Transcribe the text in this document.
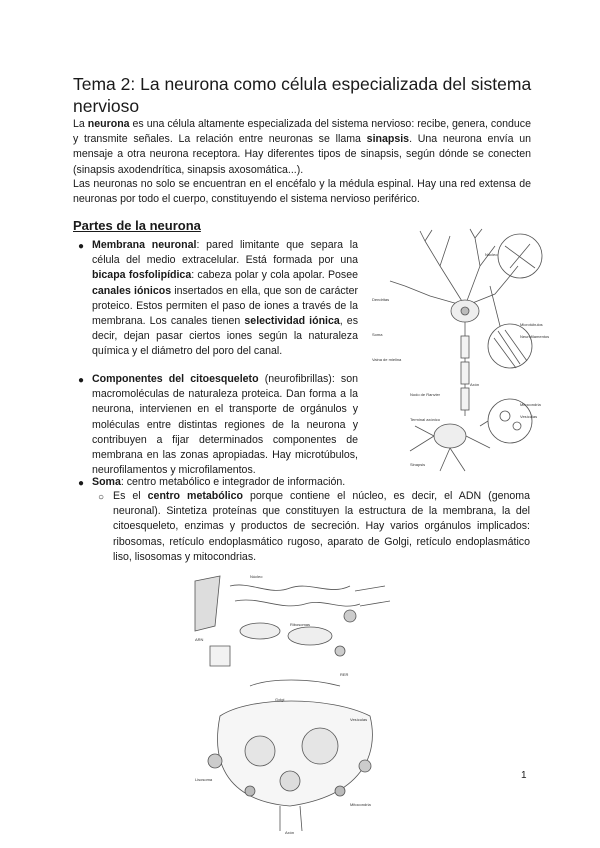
Tema 2: La neurona como célula especializada del sistema nervioso

La neurona es una célula altamente especializada del sistema nervioso: recibe, genera, conduce y transmite señales. La relación entre neuronas se llama sinapsis. Una neurona envía un mensaje a otra neurona receptora. Hay diferentes tipos de sinapsis, según dónde se conecten (sinapsis axodendrítica, sinapsis axosomática...).

Las neuronas no solo se encuentran en el encéfalo y la médula espinal. Hay una red extensa de neuronas por todo el cuerpo, constituyendo el sistema nervioso periférico.

Partes de la neurona
● Membrana neuronal: pared limitante que separa la célula del medio extracelular. Está formada por una bicapa fosfolipídica: cabeza polar y cola apolar. Posee canales iónicos insertados en ella, que son de carácter proteico. Estos permiten el paso de iones a través de la membrana. Los canales tienen selectividad iónica, es decir, dejan pasar ciertos iones según la naturaleza química y el diámetro del poro del canal.

● Componentes del citoesqueleto (neurofibrillas): son macromoléculas de naturaleza proteica. Dan forma a la neurona, intervienen en el transporte de orgánulos y moléculas entre distintas regiones de la neurona y contribuyen a fijar determinados componentes de membrana en las zonas apropiadas. Hay microtúbulos, neurofilamentos y microfilamentos.

● Soma: centro metabólico e integrador de información.

○ Es el centro metabólico porque contiene el núcleo, es decir, el ADN (genoma neuronal). Sintetiza proteínas que constituyen la estructura de la membrana, la del citoesqueleto, enzimas y productos de secreción. Hay varios orgánulos implicados: ribosomas, retículo endoplasmático rugoso, aparato de Golgi, retículo endoplasmático liso, lisosomas y mitocondrias.

Dendritas
Núcleo
Soma
Axón
Vaina de mielina
Nodo de Ranvier
Microtúbulos
Neurofilamentos
Mitocondria
Vesículas
Terminal axónico
Sinapsis
Núcleo
ARN
Ribosomas
RER
Golgi
Vesículas
Lisosoma
Mitocondria
Axón
1
